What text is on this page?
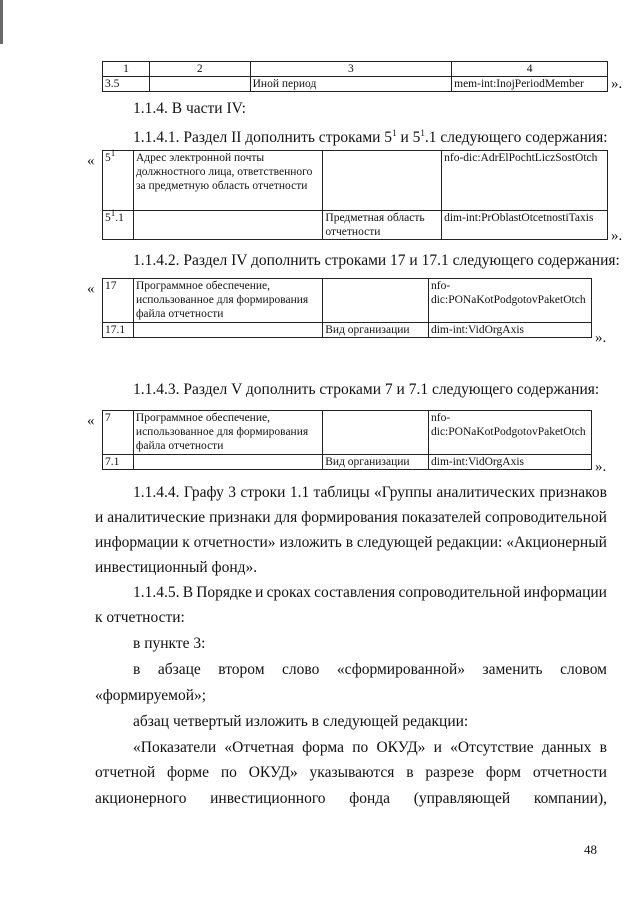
1	2	3	4
3.5		Иной период	mem-int:InojPeriodMember ».
1.1.4. В части IV:
1.1.4.1. Раздел II дополнить строками $5^1$ и $5^1.1$ следующего содержания:
« $5^1$	Адрес электронной почты должностного лица, ответственного за предметную область отчетности		nfo-dic:AdrElPochtLiczSostOtch
$5^1.1$		Предметная область отчетности	dim-int:PrOblastOtcetnostiTaxis
».
1.1.4.2. Раздел IV дополнить строками 17 и 17.1 следующего содержания:
« 17	Программное обеспечение, использованное для формирования файла отчетности		nfo-dic:PONaKotPodgotovPaketOtch
17.1		Вид организации	dim-int:VidOrgAxis	».
1.1.4.3. Раздел V дополнить строками 7 и 7.1 следующего содержания:
« 7	Программное обеспечение, использованное для формирования файла отчетности		nfo-dic:PONaKotPodgotovPaketOtch
7.1		Вид организации	dim-int:VidOrgAxis	».
1.1.4.4. Графу 3 строки 1.1 таблицы «Группы аналитических признаков
и аналитические признаки для формирования показателей сопроводительной
информации к отчетности» изложить в следующей редакции: «Акционерный
инвестиционный фонд».
1.1.4.5. В Порядке и сроках составления сопроводительной информации
к отчетности:
в пункте 3:
в абзаце втором слово «сформированной» заменить словом
«формируемой»;
абзац четвертый изложить в следующей редакции:
«Показатели «Отчетная форма по ОКУД» и «Отсутствие данных в
отчетной форме по ОКУД» указываются в разрезе форм отчетности
акционерного инвестиционного фонда (управляющей компании),
48
